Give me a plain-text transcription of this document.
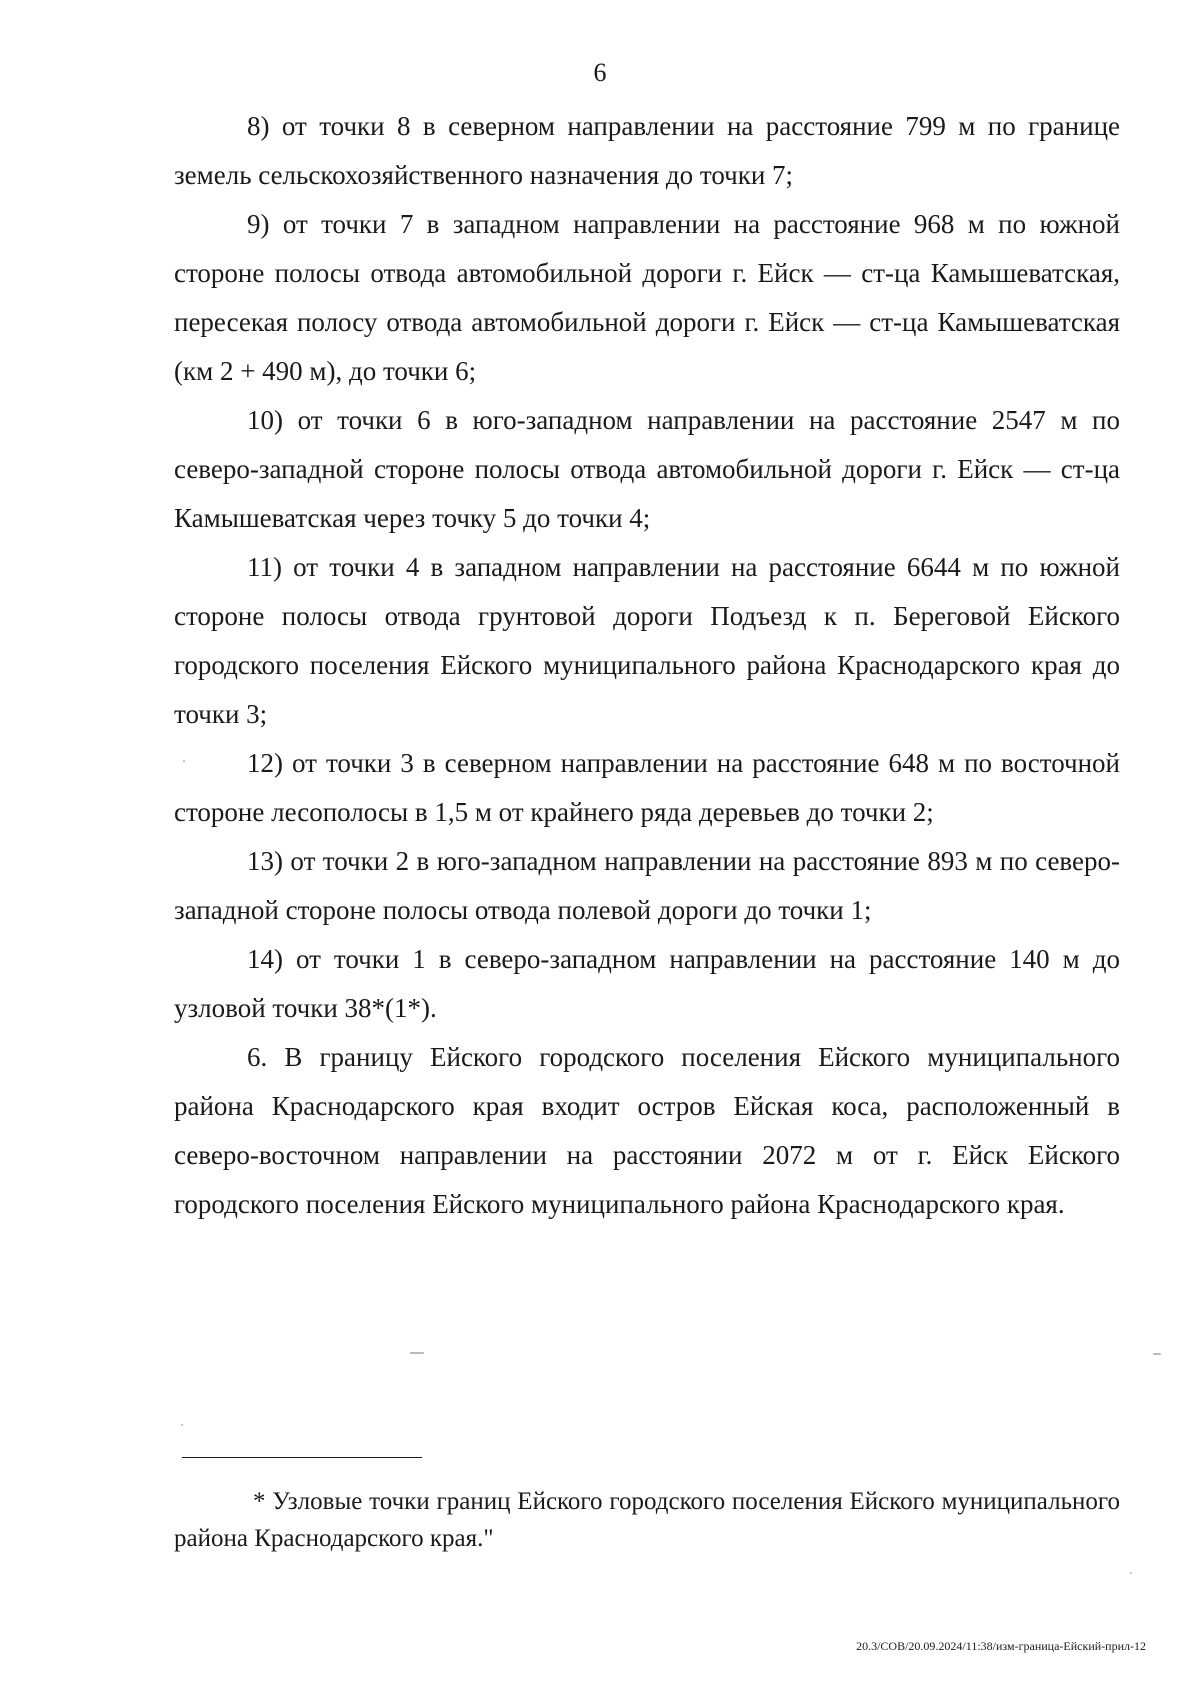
6

8) от точки 8 в северном направлении на расстояние 799 м по границе земель сельскохозяйственного назначения до точки 7;

9) от точки 7 в западном направлении на расстояние 968 м по южной стороне полосы отвода автомобильной дороги г. Ейск — ст-ца Камышеватская, пересекая полосу отвода автомобильной дороги г. Ейск — ст-ца Камышеватская (км 2 + 490 м), до точки 6;

10) от точки 6 в юго-западном направлении на расстояние 2547 м по северо-западной стороне полосы отвода автомобильной дороги г. Ейск — ст-ца Камышеватская через точку 5 до точки 4;

11) от точки 4 в западном направлении на расстояние 6644 м по южной стороне полосы отвода грунтовой дороги Подъезд к п. Береговой Ейского городского поселения Ейского муниципального района Краснодарского края до точки 3;

12) от точки 3 в северном направлении на расстояние 648 м по восточной стороне лесополосы в 1,5 м от крайнего ряда деревьев до точки 2;

13) от точки 2 в юго-западном направлении на расстояние 893 м по северо-западной стороне полосы отвода полевой дороги до точки 1;

14) от точки 1 в северо-западном направлении на расстояние 140 м до узловой точки 38*(1*).

6. В границу Ейского городского поселения Ейского муниципального района Краснодарского края входит остров Ейская коса, расположенный в северо-восточном направлении на расстоянии 2072 м от г. Ейск Ейского городского поселения Ейского муниципального района Краснодарского края.

* Узловые точки границ Ейского городского поселения Ейского муниципального района Краснодарского края."

20.3/СОВ/20.09.2024/11:38/изм-граница-Ейский-прил-12
